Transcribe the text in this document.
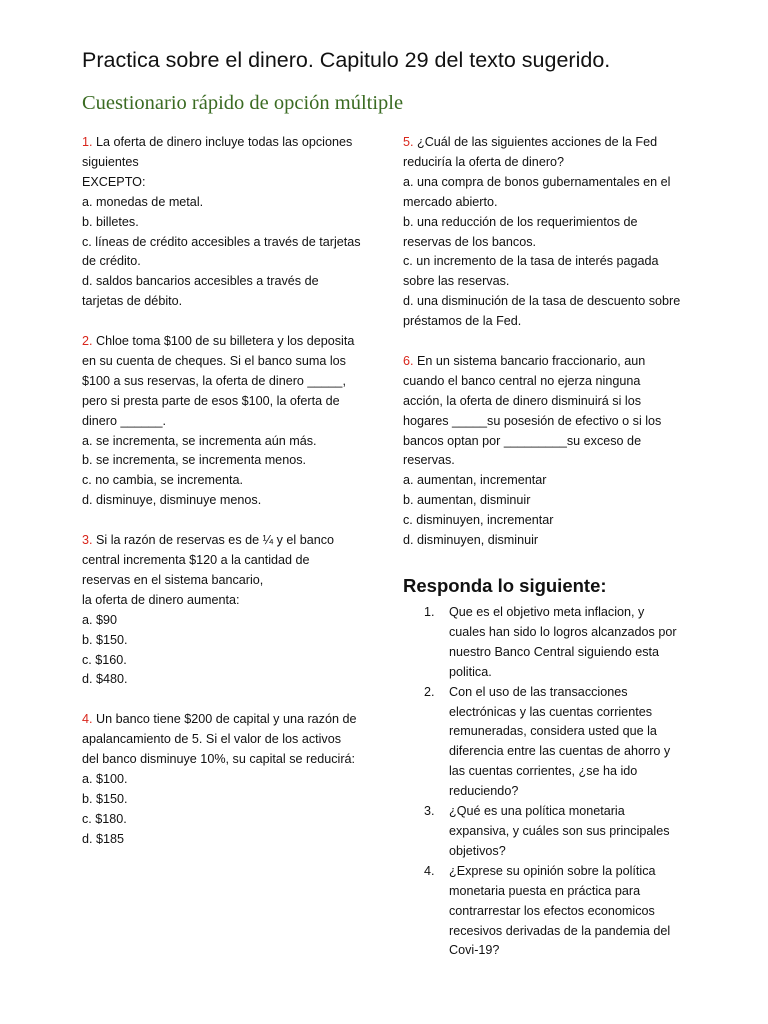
Practica sobre el dinero. Capitulo 29 del texto sugerido.
Cuestionario rápido de opción múltiple
1. La oferta de dinero incluye todas las opciones
siguientes
EXCEPTO:
a. monedas de metal.
b. billetes.
c. líneas de crédito accesibles a través de tarjetas
de crédito.
d. saldos bancarios accesibles a través de
tarjetas de débito.
2. Chloe toma $100 de su billetera y los deposita
en su cuenta de cheques. Si el banco suma los
$100 a sus reservas, la oferta de dinero _____,
pero si presta parte de esos $100, la oferta de
dinero ______.
a. se incrementa, se incrementa aún más.
b. se incrementa, se incrementa menos.
c. no cambia, se incrementa.
d. disminuye, disminuye menos.
3. Si la razón de reservas es de ¼ y el banco
central incrementa $120 a la cantidad de
reservas en el sistema bancario,
la oferta de dinero aumenta:
a. $90
b. $150.
c. $160.
d. $480.
4. Un banco tiene $200 de capital y una razón de
apalancamiento de 5. Si el valor de los activos
del banco disminuye 10%, su capital se reducirá:
a. $100.
b. $150.
c. $180.
d. $185
5. ¿Cuál de las siguientes acciones de la Fed
reduciría la oferta de dinero?
a. una compra de bonos gubernamentales en el
mercado abierto.
b. una reducción de los requerimientos de
reservas de los bancos.
c. un incremento de la tasa de interés pagada
sobre las reservas.
d. una disminución de la tasa de descuento sobre
préstamos de la Fed.
6. En un sistema bancario fraccionario, aun
cuando el banco central no ejerza ninguna
acción, la oferta de dinero disminuirá si los
hogares _____su posesión de efectivo o si los
bancos optan por _________su exceso de
reservas.
a. aumentan, incrementar
b. aumentan, disminuir
c. disminuyen, incrementar
d. disminuyen, disminuir
Responda lo siguiente:
1. Que es el objetivo meta inflacion, y
cuales han sido lo logros alcanzados por
nuestro Banco Central siguiendo esta
politica.
2. Con el uso de las transacciones
electrónicas y las cuentas corrientes
remuneradas, considera usted que la
diferencia entre las cuentas de ahorro y
las cuentas corrientes, ¿se ha ido
reduciendo?
3. ¿Qué es una política monetaria
expansiva, y cuáles son sus principales
objetivos?
4. ¿Exprese su opinión sobre la política
monetaria puesta en práctica para
contrarrestar los efectos economicos
recesivos derivadas de la pandemia del
Covi-19?
